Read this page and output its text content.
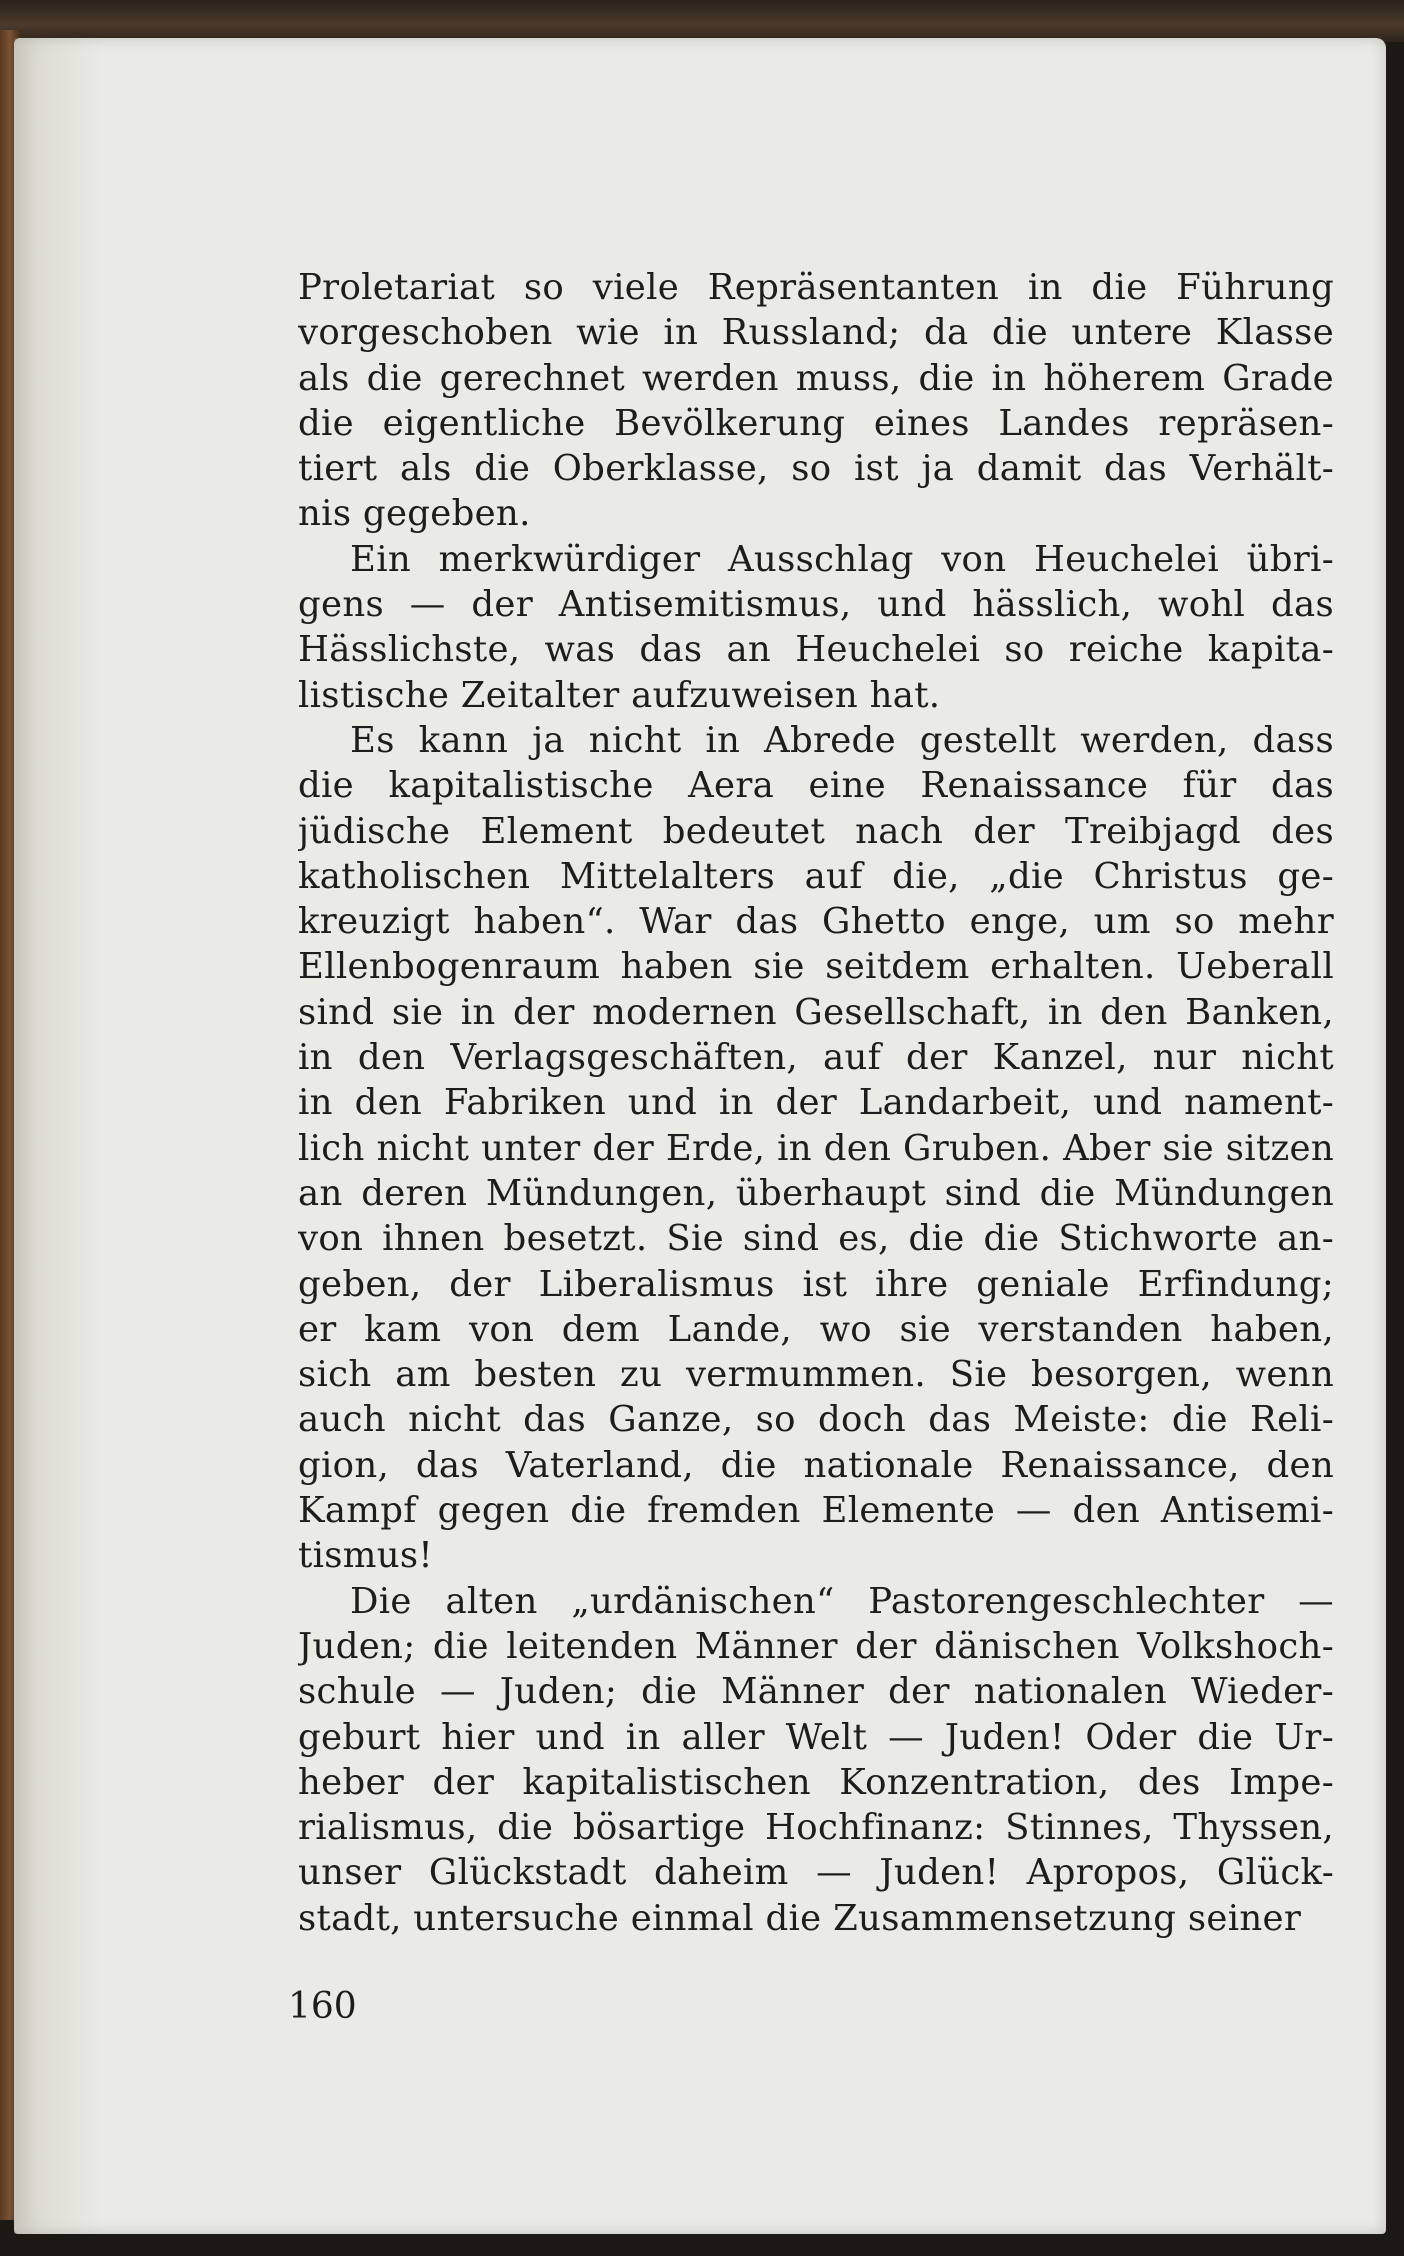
Proletariat so viele Repräsentanten in die Führung
vorgeschoben wie in Russland; da die untere Klasse
als die gerechnet werden muss, die in höherem Grade
die eigentliche Bevölkerung eines Landes repräsen-
tiert als die Oberklasse, so ist ja damit das Verhält-
nis gegeben.
Ein merkwürdiger Ausschlag von Heuchelei übri-
gens — der Antisemitismus, und hässlich, wohl das
Hässlichste, was das an Heuchelei so reiche kapita-
listische Zeitalter aufzuweisen hat.
Es kann ja nicht in Abrede gestellt werden, dass
die kapitalistische Aera eine Renaissance für das
jüdische Element bedeutet nach der Treibjagd des
katholischen Mittelalters auf die, „die Christus ge-
kreuzigt haben“. War das Ghetto enge, um so mehr
Ellenbogenraum haben sie seitdem erhalten. Ueberall
sind sie in der modernen Gesellschaft, in den Banken,
in den Verlagsgeschäften, auf der Kanzel, nur nicht
in den Fabriken und in der Landarbeit, und nament-
lich nicht unter der Erde, in den Gruben. Aber sie sitzen
an deren Mündungen, überhaupt sind die Mündungen
von ihnen besetzt. Sie sind es, die die Stichworte an-
geben, der Liberalismus ist ihre geniale Erfindung;
er kam von dem Lande, wo sie verstanden haben,
sich am besten zu vermummen. Sie besorgen, wenn
auch nicht das Ganze, so doch das Meiste: die Reli-
gion, das Vaterland, die nationale Renaissance, den
Kampf gegen die fremden Elemente — den Antisemi-
tismus!
Die alten „urdänischen“ Pastorengeschlechter —
Juden; die leitenden Männer der dänischen Volkshoch-
schule — Juden; die Männer der nationalen Wieder-
geburt hier und in aller Welt — Juden! Oder die Ur-
heber der kapitalistischen Konzentration, des Impe-
rialismus, die bösartige Hochfinanz: Stinnes, Thyssen,
unser Glückstadt daheim — Juden! Apropos, Glück-
stadt, untersuche einmal die Zusammensetzung seiner
160
